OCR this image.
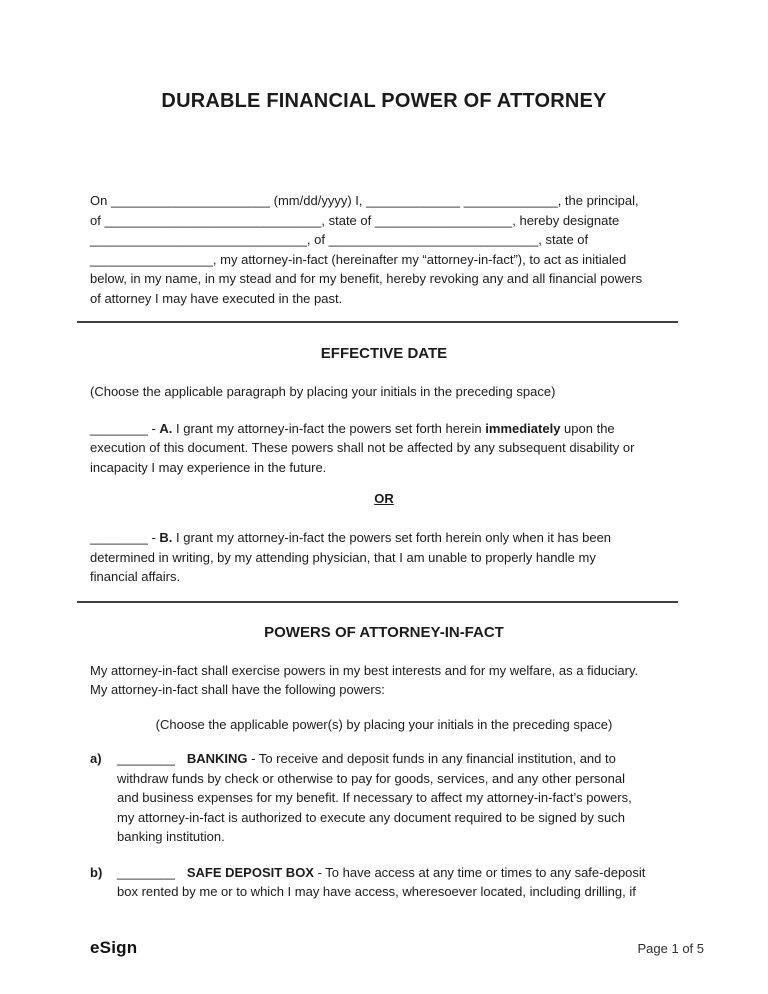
DURABLE FINANCIAL POWER OF ATTORNEY
On ______________________ (mm/dd/yyyy) I, _____________ _____________, the principal,
of ______________________________, state of ___________________, hereby designate
______________________________, of _____________________________, state of
_________________, my attorney-in-fact (hereinafter my “attorney-in-fact”), to act as initialed
below, in my name, in my stead and for my benefit, hereby revoking any and all financial powers
of attorney I may have executed in the past.
EFFECTIVE DATE

(Choose the applicable paragraph by placing your initials in the preceding space)

________ - A. I grant my attorney-in-fact the powers set forth herein immediately upon the
execution of this document. These powers shall not be affected by any subsequent disability or
incapacity I may experience in the future.

OR

________ - B. I grant my attorney-in-fact the powers set forth herein only when it has been
determined in writing, by my attending physician, that I am unable to properly handle my
financial affairs.
POWERS OF ATTORNEY-IN-FACT
My attorney-in-fact shall exercise powers in my best interests and for my welfare, as a fiduciary.
My attorney-in-fact shall have the following powers:

(Choose the applicable power(s) by placing your initials in the preceding space)

a) ________ BANKING - To receive and deposit funds in any financial institution, and to
withdraw funds by check or otherwise to pay for goods, services, and any other personal
and business expenses for my benefit. If necessary to affect my attorney-in-fact’s powers,
my attorney-in-fact is authorized to execute any document required to be signed by such
banking institution.
b) ________ SAFE DEPOSIT BOX - To have access at any time or times to any safe-deposit
box rented by me or to which I may have access, wheresoever located, including drilling, if
eSign	Page 1 of 5
